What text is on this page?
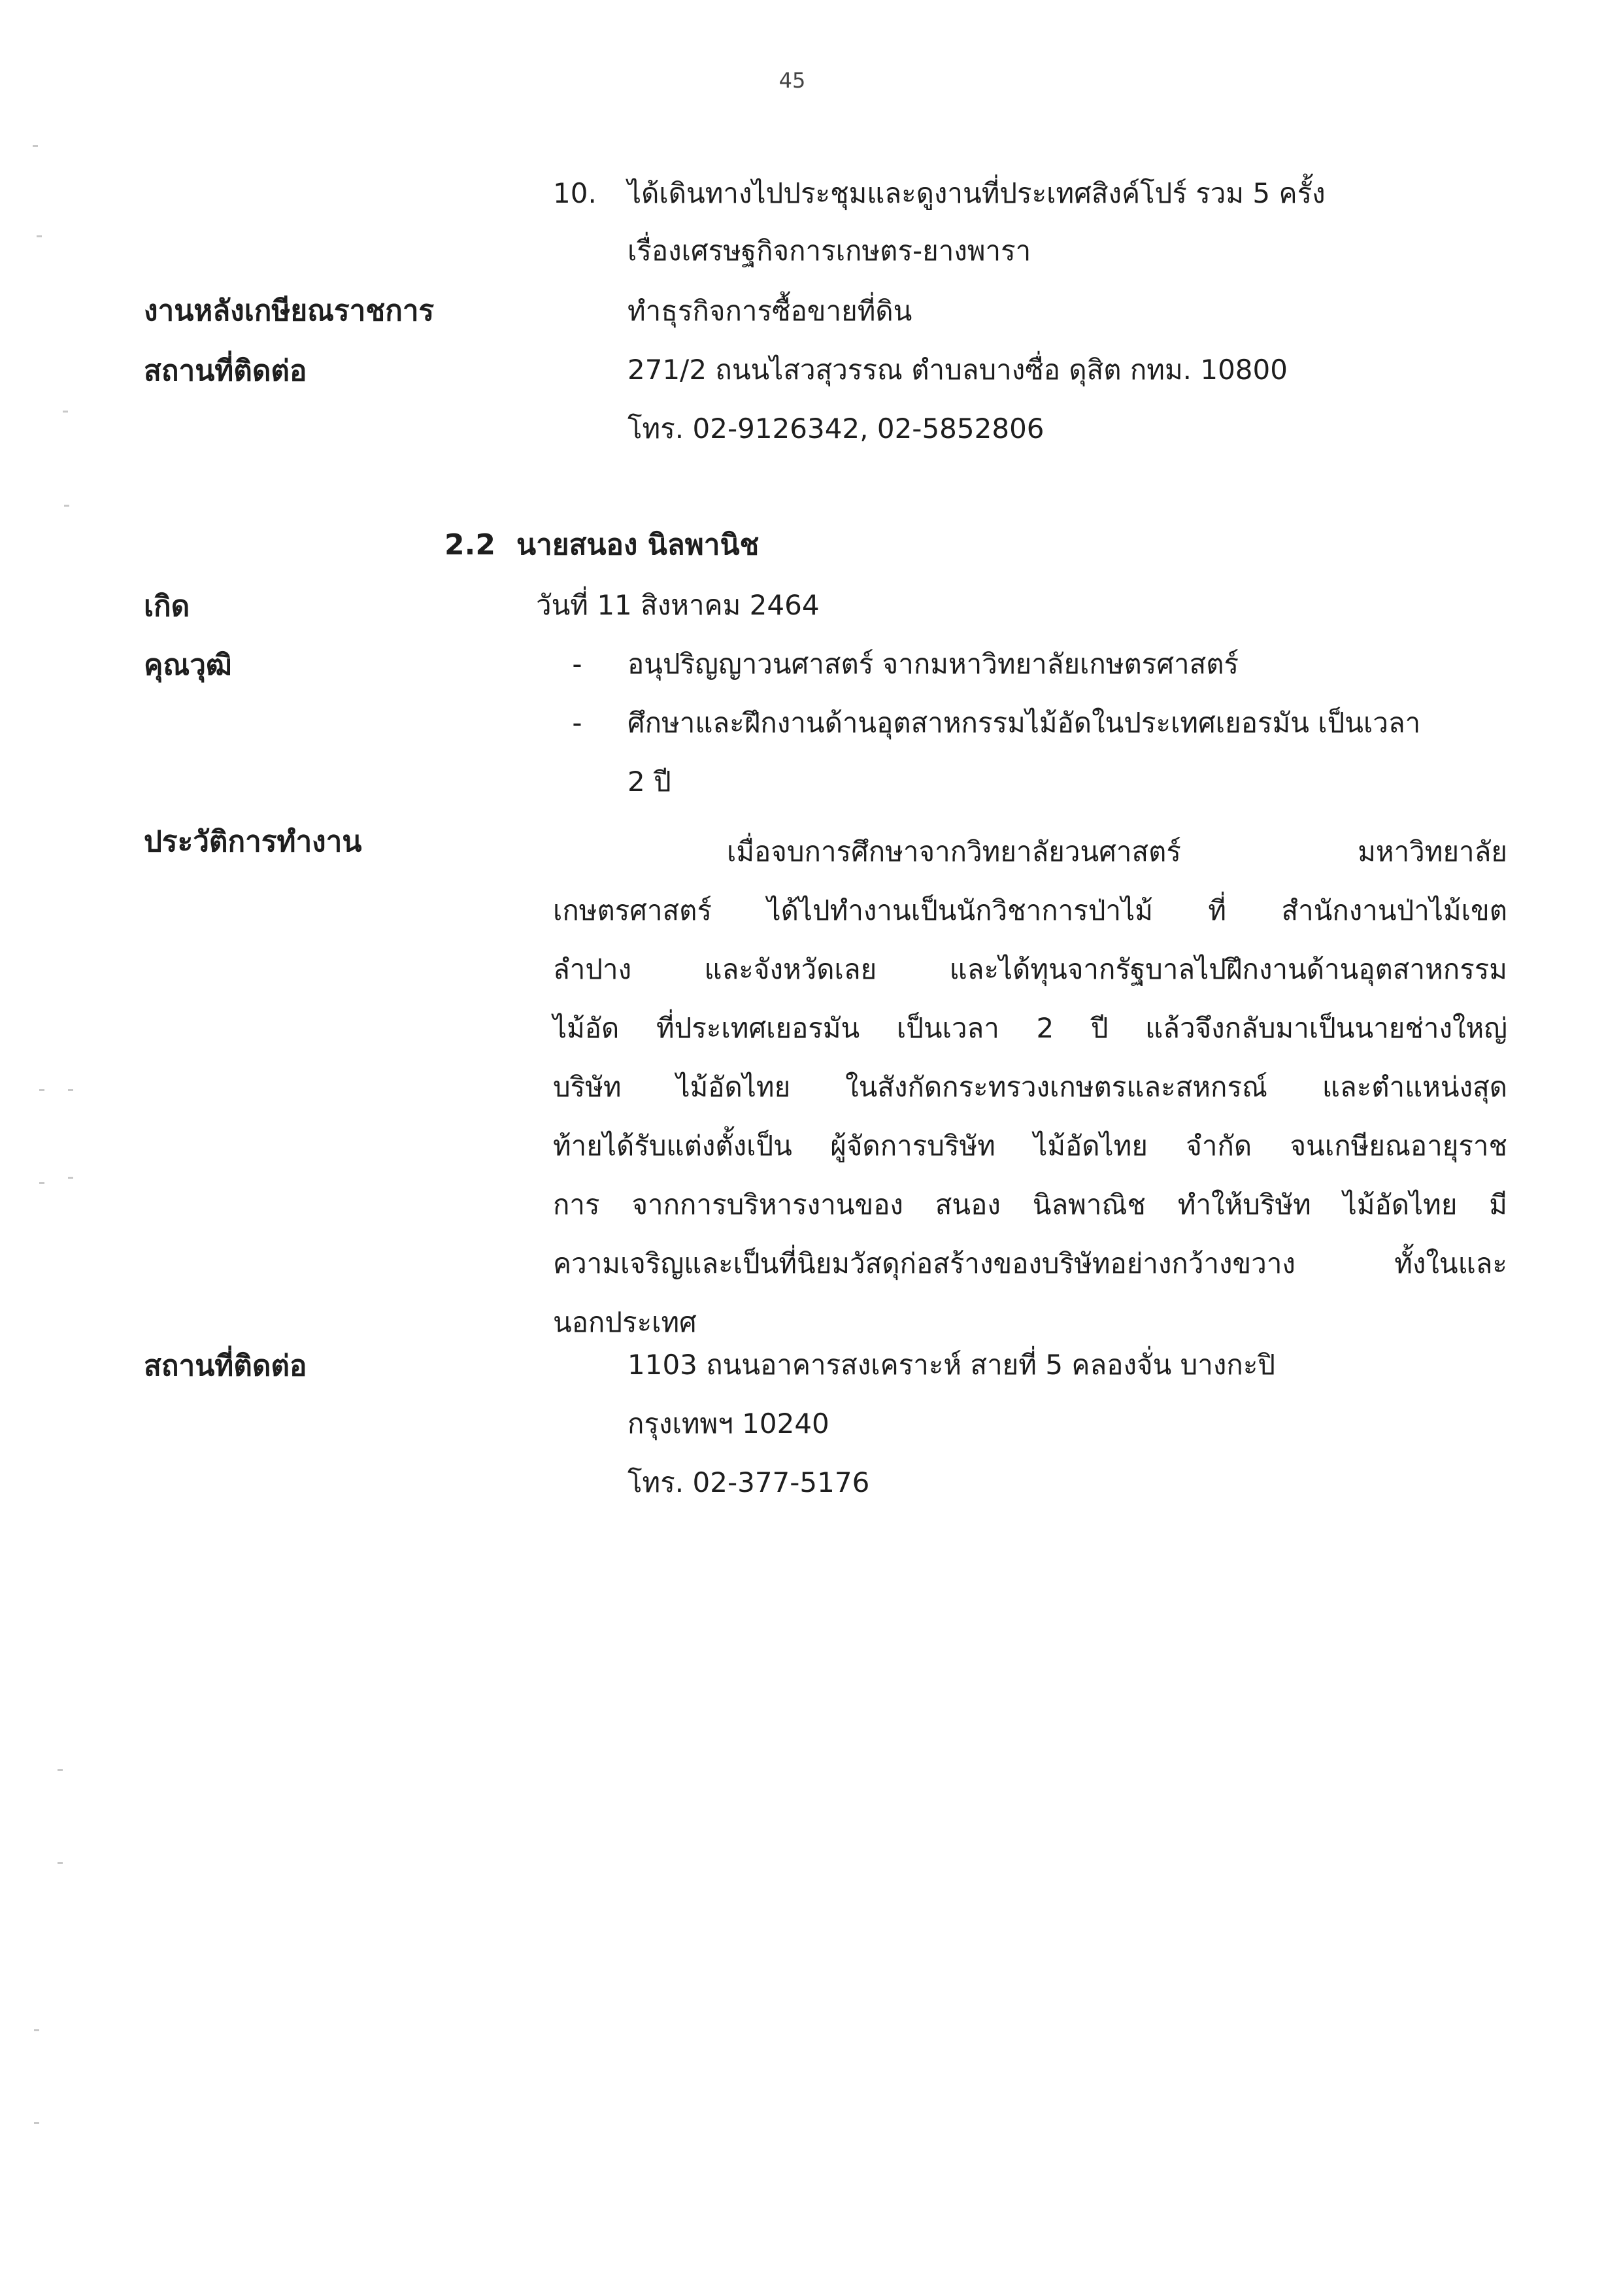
45
10.	ได้เดินทางไปประชุมและดูงานที่ประเทศสิงค์โปร์ รวม 5 ครั้ง
เรื่องเศรษฐกิจการเกษตร-ยางพารา
งานหลังเกษียณราชการ	ทำธุรกิจการซื้อขายที่ดิน
สถานที่ติดต่อ	271/2 ถนนไสวสุวรรณ ตำบลบางซื่อ ดุสิต กทม. 10800
โทร. 02-9126342, 02-5852806
2.2 นายสนอง นิลพานิช
เกิด	วันที่ 11 สิงหาคม 2464
คุณวุฒิ	- อนุปริญญาวนศาสตร์ จากมหาวิทยาลัยเกษตรศาสตร์
- ศึกษาและฝึกงานด้านอุตสาหกรรมไม้อัดในประเทศเยอรมัน เป็นเวลา
2 ปี
ประวัติการทำงาน	เมื่อจบการศึกษาจากวิทยาลัยวนศาสตร์ มหาวิทยาลัย
เกษตรศาสตร์ ได้ไปทำงานเป็นนักวิชาการป่าไม้ ที่ สำนักงานป่าไม้เขต
ลำปาง และจังหวัดเลย และได้ทุนจากรัฐบาลไปฝึกงานด้านอุตสาหกรรม
ไม้อัด ที่ประเทศเยอรมัน เป็นเวลา 2 ปี แล้วจึงกลับมาเป็นนายช่างใหญ่
บริษัท ไม้อัดไทย ในสังกัดกระทรวงเกษตรและสหกรณ์ และตำแหน่งสุด
ท้ายได้รับแต่งตั้งเป็น ผู้จัดการบริษัท ไม้อัดไทย จำกัด จนเกษียณอายุราช
การ จากการบริหารงานของ สนอง นิลพาณิช ทำให้บริษัท ไม้อัดไทย มี
ความเจริญและเป็นที่นิยมวัสดุก่อสร้างของบริษัทอย่างกว้างขวาง ทั้งในและ
นอกประเทศ
สถานที่ติดต่อ	1103 ถนนอาคารสงเคราะห์ สายที่ 5 คลองจั่น บางกะปิ
กรุงเทพฯ 10240
โทร. 02-377-5176
